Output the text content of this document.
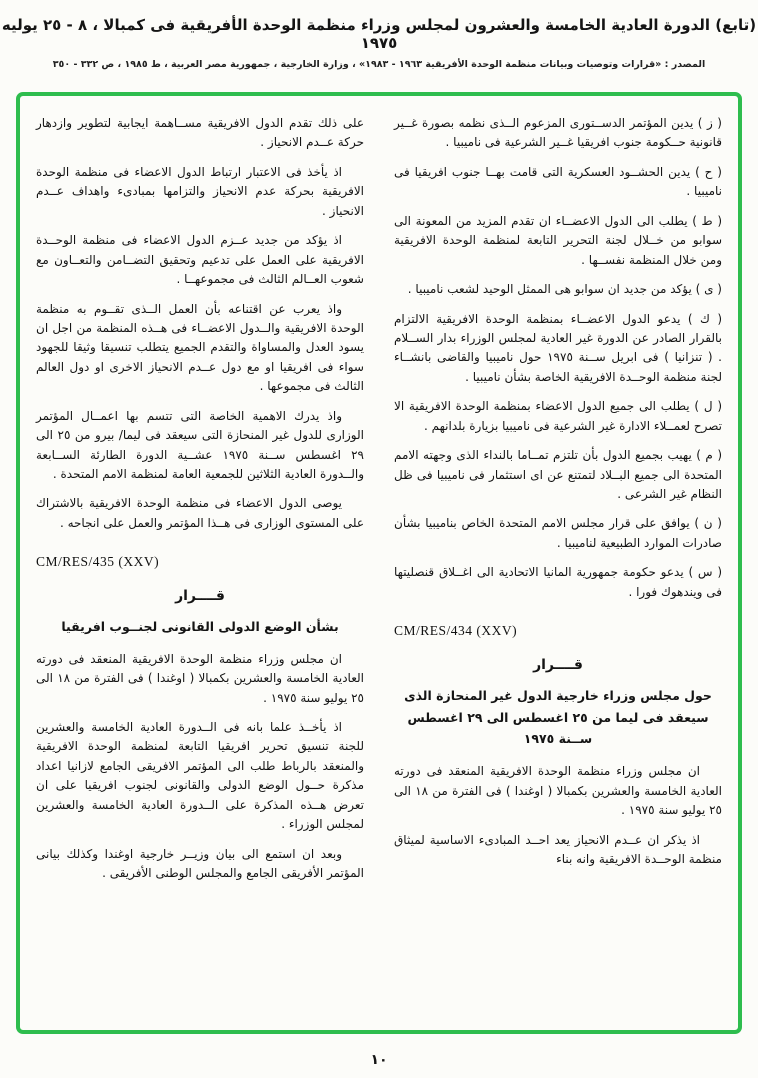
(تابع) الدورة العادية الخامسة والعشرون لمجلس وزراء منظمة الوحدة الأفريقية فى كمبالا ، ٨ - ٢٥ يوليه ١٩٧٥
المصدر : «قرارات وتوصيات وبيانات منظمة الوحدة الأفريقية ١٩٦٣ - ١٩٨٣» ، وزارة الخارجية ، جمهورية مصر العربية ، ط ١٩٨٥ ، ص ٣٣٢ - ٣٥٠

( ز ) يدين المؤتمر الدســتورى المزعوم الــذى نظمه بصورة غــير قانونية حــكومة جنوب افريقيا غــير الشرعية فى ناميبيا .

( ح ) يدين الحشــود العسكرية التى قامت بهــا جنوب افريقيا فى ناميبيا .

( ط ) يطلب الى الدول الاعضــاء ان تقدم المزيد من المعونة الى سوابو من خــلال لجنة التحرير التابعة لمنظمة الوحدة الافريقية ومن خلال المنظمة نفســها .

( ى ) يؤكد من جديد ان سوابو هى الممثل الوحيد لشعب ناميبيا .

( ك ) يدعو الدول الاعضــاء بمنظمة الوحدة الافريقية الالتزام بالقرار الصادر عن الدورة غير العادية لمجلس الوزراء بدار الســلام . ( تنزانيا ) فى ابريل ســنة ١٩٧٥ حول ناميبيا والقاضى بانشــاء لجنة منظمة الوحــدة الافريقية الخاصة بشأن ناميبيا .

( ل ) يطلب الى جميع الدول الاعضاء بمنظمة الوحدة الافريقية الا تصرح لعمــلاء الادارة غير الشرعية فى ناميبيا بزيارة بلدانهم .

( م ) يهيب بجميع الدول بأن تلتزم تمــاما بالنداء الذى وجهته الامم المتحدة الى جميع البــلاد لتمتنع عن اى استثمار فى ناميبيا فى ظل النظام غير الشرعى .

( ن ) يوافق على قرار مجلس الامم المتحدة الخاص بناميبيا بشأن صادرات الموارد الطبيعية لناميبيا .

( س ) يدعو حكومة جمهورية المانيا الاتحادية الى اغــلاق قنصليتها فى ويندهوك فورا .

CM/RES/434 (XXV)

قــــرار
حول مجلس وزراء خارجية الدول غير المنحازة الذى سيعقد فى ليما من ٢٥ اغسطس الى ٢٩ اغسطس ســنة ١٩٧٥

ان مجلس وزراء منظمة الوحدة الافريقية المنعقد فى دورته العادية الخامسة والعشرين بكمبالا ( اوغندا ) فى الفترة من ١٨ الى ٢٥ يوليو سنة ١٩٧٥ .

اذ يذكر ان عــدم الانحياز يعد احــد المبادىء الاساسية لميثاق منظمة الوحــدة الافريقية وانه بناء

على ذلك تقدم الدول الافريقية مســاهمة ايجابية لتطوير وازدهار حركة عــدم الانحياز .

اذ يأخذ فى الاعتبار ارتباط الدول الاعضاء فى منظمة الوحدة الافريقية بحركة عدم الانحياز والتزامها بمبادىء واهداف عــدم الانحياز .

اذ يؤكد من جديد عــزم الدول الاعضاء فى منظمة الوحــدة الافريقية على العمل على تدعيم وتحقيق التضــامن والتعــاون مع شعوب العــالم الثالث فى مجموعهــا .

واذ يعرب عن اقتناعه بأن العمل الــذى تقــوم به منظمة الوحدة الافريقية والــدول الاعضــاء فى هــذه المنظمة من اجل ان يسود العدل والمساواة والتقدم الجميع يتطلب تنسيقا وثيقا للجهود سواء فى افريقيا او مع دول عــدم الانحياز الاخرى او دول العالم الثالث فى مجموعها .

واذ يدرك الاهمية الخاصة التى تتسم بها اعمــال المؤتمر الوزارى للدول غير المنحازة التى سيعقد فى ليما/ بيرو من ٢٥ الى ٢٩ اغسطس ســنة ١٩٧٥ عشــية الدورة الطارئة الســابعة والــدورة العادية الثلاثين للجمعية العامة لمنظمة الامم المتحدة .

يوصى الدول الاعضاء فى منظمة الوحدة الافريقية بالاشتراك على المستوى الوزارى فى هــذا المؤتمر والعمل على انجاحه .

CM/RES/435 (XXV)

قــــرار
بشأن الوضع الدولى القانونى لجنــوب افريقيا

ان مجلس وزراء منظمة الوحدة الافريقية المنعقد فى دورته العادية الخامسة والعشرين بكمبالا ( اوغندا ) فى الفترة من ١٨ الى ٢٥ يوليو سنة ١٩٧٥ .

اذ يأخــذ علما بانه فى الــدورة العادية الخامسة والعشرين للجنة تنسيق تحرير افريقيا التابعة لمنظمة الوحدة الافريقية والمنعقد بالرباط طلب الى المؤتمر الافريقى الجامع لازانيا اعداد مذكرة حــول الوضع الدولى والقانونى لجنوب افريقيا على ان تعرض هــذه المذكرة على الــدورة العادية الخامسة والعشرين لمجلس الوزراء .

وبعد ان استمع الى بيان وزيــر خارجية اوغندا وكذلك بيانى المؤتمر الأفريقى الجامع والمجلس الوطنى الأفريقى .

١٠
